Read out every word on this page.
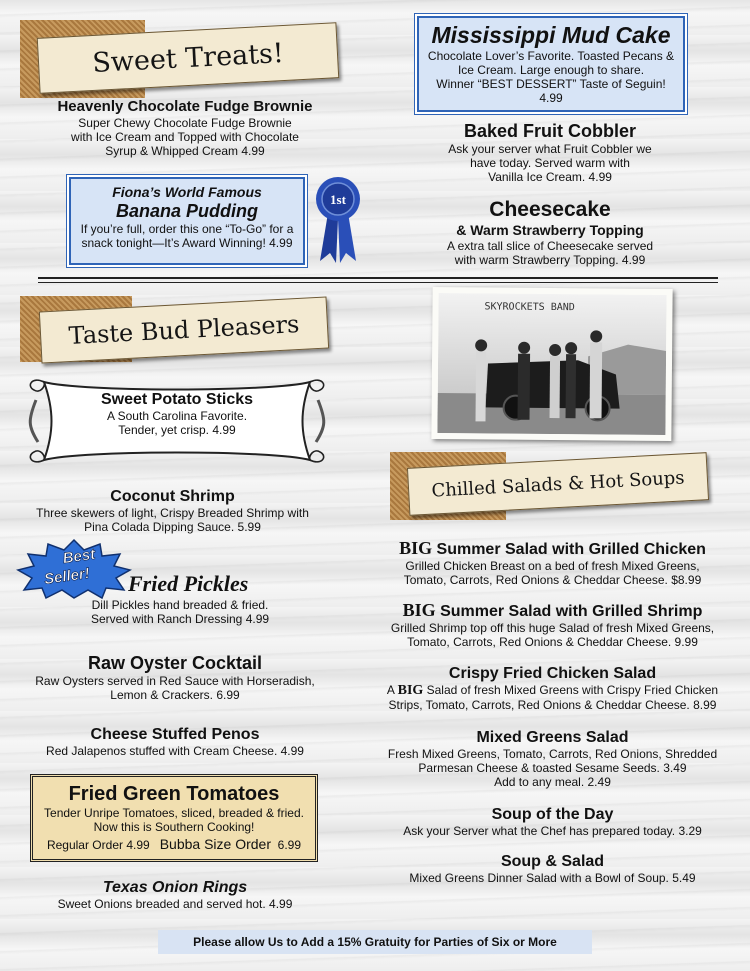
Sweet Treats!
Heavenly Chocolate Fudge Brownie
Super Chewy Chocolate Fudge Brownie
with Ice Cream and Topped with Chocolate
Syrup & Whipped Cream 4.99
Fiona’s World Famous
Banana Pudding
If you’re full, order this one “To-Go” for a
snack tonight—It’s Award Winning! 4.99
1st
Mississippi Mud Cake
Chocolate Lover’s Favorite. Toasted Pecans &
Ice Cream. Large enough to share.
Winner “BEST DESSERT” Taste of Seguin!
4.99
Baked Fruit Cobbler
Ask your server what Fruit Cobbler we
have today. Served warm with
Vanilla Ice Cream. 4.99
Cheesecake
& Warm Strawberry Topping
A extra tall slice of Cheesecake served
with warm Strawberry Topping. 4.99
Taste Bud Pleasers
Sweet Potato Sticks
A South Carolina Favorite.
Tender, yet crisp. 4.99
Coconut Shrimp
Three skewers of light, Crispy Breaded Shrimp with
Pina Colada Dipping Sauce. 5.99
Best
Seller!	Fried Pickles
Dill Pickles hand breaded & fried.
Served with Ranch Dressing 4.99
Raw Oyster Cocktail
Raw Oysters served in Red Sauce with Horseradish,
Lemon & Crackers. 6.99
Cheese Stuffed Penos
Red Jalapenos stuffed with Cream Cheese. 4.99
Fried Green Tomatoes
Tender Unripe Tomatoes, sliced, breaded & fried.
Now this is Southern Cooking!
Regular Order 4.99 Bubba Size Order 6.99
Texas Onion Rings
Sweet Onions breaded and served hot. 4.99
SKYROCKETS BAND
Chilled Salads & Hot Soups
BIG Summer Salad with Grilled Chicken
Grilled Chicken Breast on a bed of fresh Mixed Greens,
Tomato, Carrots, Red Onions & Cheddar Cheese. $8.99
BIG Summer Salad with Grilled Shrimp
Grilled Shrimp top off this huge Salad of fresh Mixed Greens,
Tomato, Carrots, Red Onions & Cheddar Cheese. 9.99
Crispy Fried Chicken Salad
A BIG Salad of fresh Mixed Greens with Crispy Fried Chicken
Strips, Tomato, Carrots, Red Onions & Cheddar Cheese. 8.99
Mixed Greens Salad
Fresh Mixed Greens, Tomato, Carrots, Red Onions, Shredded
Parmesan Cheese & toasted Sesame Seeds. 3.49
Add to any meal. 2.49
Soup of the Day
Ask your Server what the Chef has prepared today. 3.29
Soup & Salad
Mixed Greens Dinner Salad with a Bowl of Soup. 5.49
Please allow Us to Add a 15% Gratuity for Parties of Six or More
